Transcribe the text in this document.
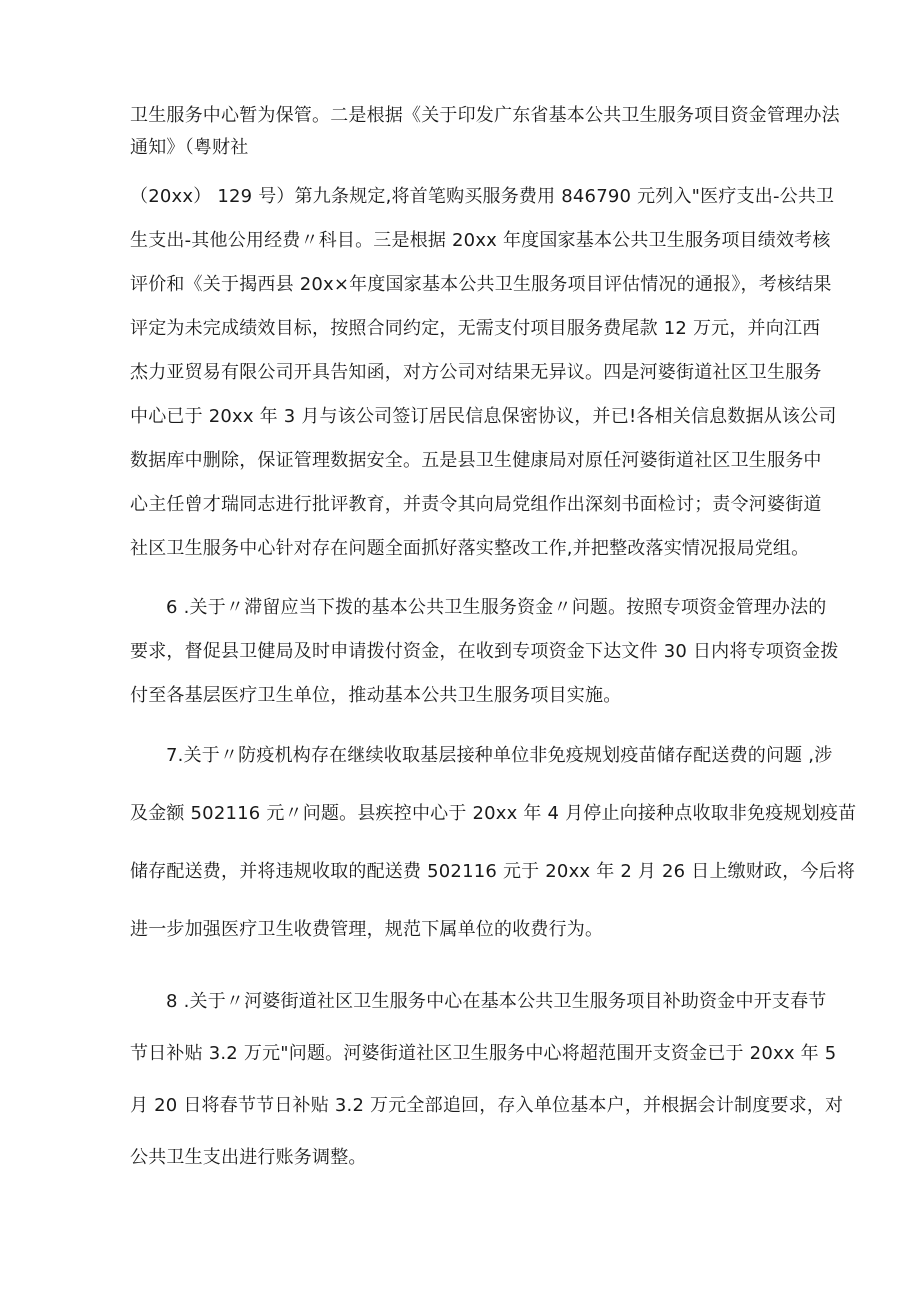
卫生服务中心暂为保管。二是根据《关于印发广东省基本公共卫生服务项目资金管理办法
通知》（粤财社
（20xx） 129 号）第九条规定,将首笔购买服务费用 846790 元列入"医疗支出-公共卫
生支出-其他公用经费〃科目。三是根据 20xx 年度国家基本公共卫生服务项目绩效考核
评价和《关于揭西县 20x×年度国家基本公共卫生服务项目评估情况的通报》，考核结果
评定为未完成绩效目标，按照合同约定，无需支付项目服务费尾款 12 万元，并向江西
杰力亚贸易有限公司开具告知函，对方公司对结果无异议。四是河婆街道社区卫生服务
中心已于 20xx 年 3 月与该公司签订居民信息保密协议，并已!各相关信息数据从该公司
数据库中删除，保证管理数据安全。五是县卫生健康局对原任河婆街道社区卫生服务中
心主任曾才瑞同志进行批评教育，并责令其向局党组作出深刻书面检讨；责令河婆街道
社区卫生服务中心针对存在问题全面抓好落实整改工作,并把整改落实情况报局党组。
6 .关于〃滞留应当下拨的基本公共卫生服务资金〃问题。按照专项资金管理办法的
要求，督促县卫健局及时申请拨付资金，在收到专项资金下达文件 30 日内将专项资金拨
付至各基层医疗卫生单位，推动基本公共卫生服务项目实施。
7.关于〃防疫机构存在继续收取基层接种单位非免疫规划疫苗储存配送费的问题 ,涉
及金额 502116 元〃问题。县疾控中心于 20xx 年 4 月停止向接种点收取非免疫规划疫苗
储存配送费，并将违规收取的配送费 502116 元于 20xx 年 2 月 26 日上缴财政，今后将
进一步加强医疗卫生收费管理，规范下属单位的收费行为。
8 .关于〃河婆街道社区卫生服务中心在基本公共卫生服务项目补助资金中开支春节
节日补贴 3.2 万元"问题。河婆街道社区卫生服务中心将超范围开支资金已于 20xx 年 5
月 20 日将春节节日补贴 3.2 万元全部追回，存入单位基本户，并根据会计制度要求，对
公共卫生支出进行账务调整。
